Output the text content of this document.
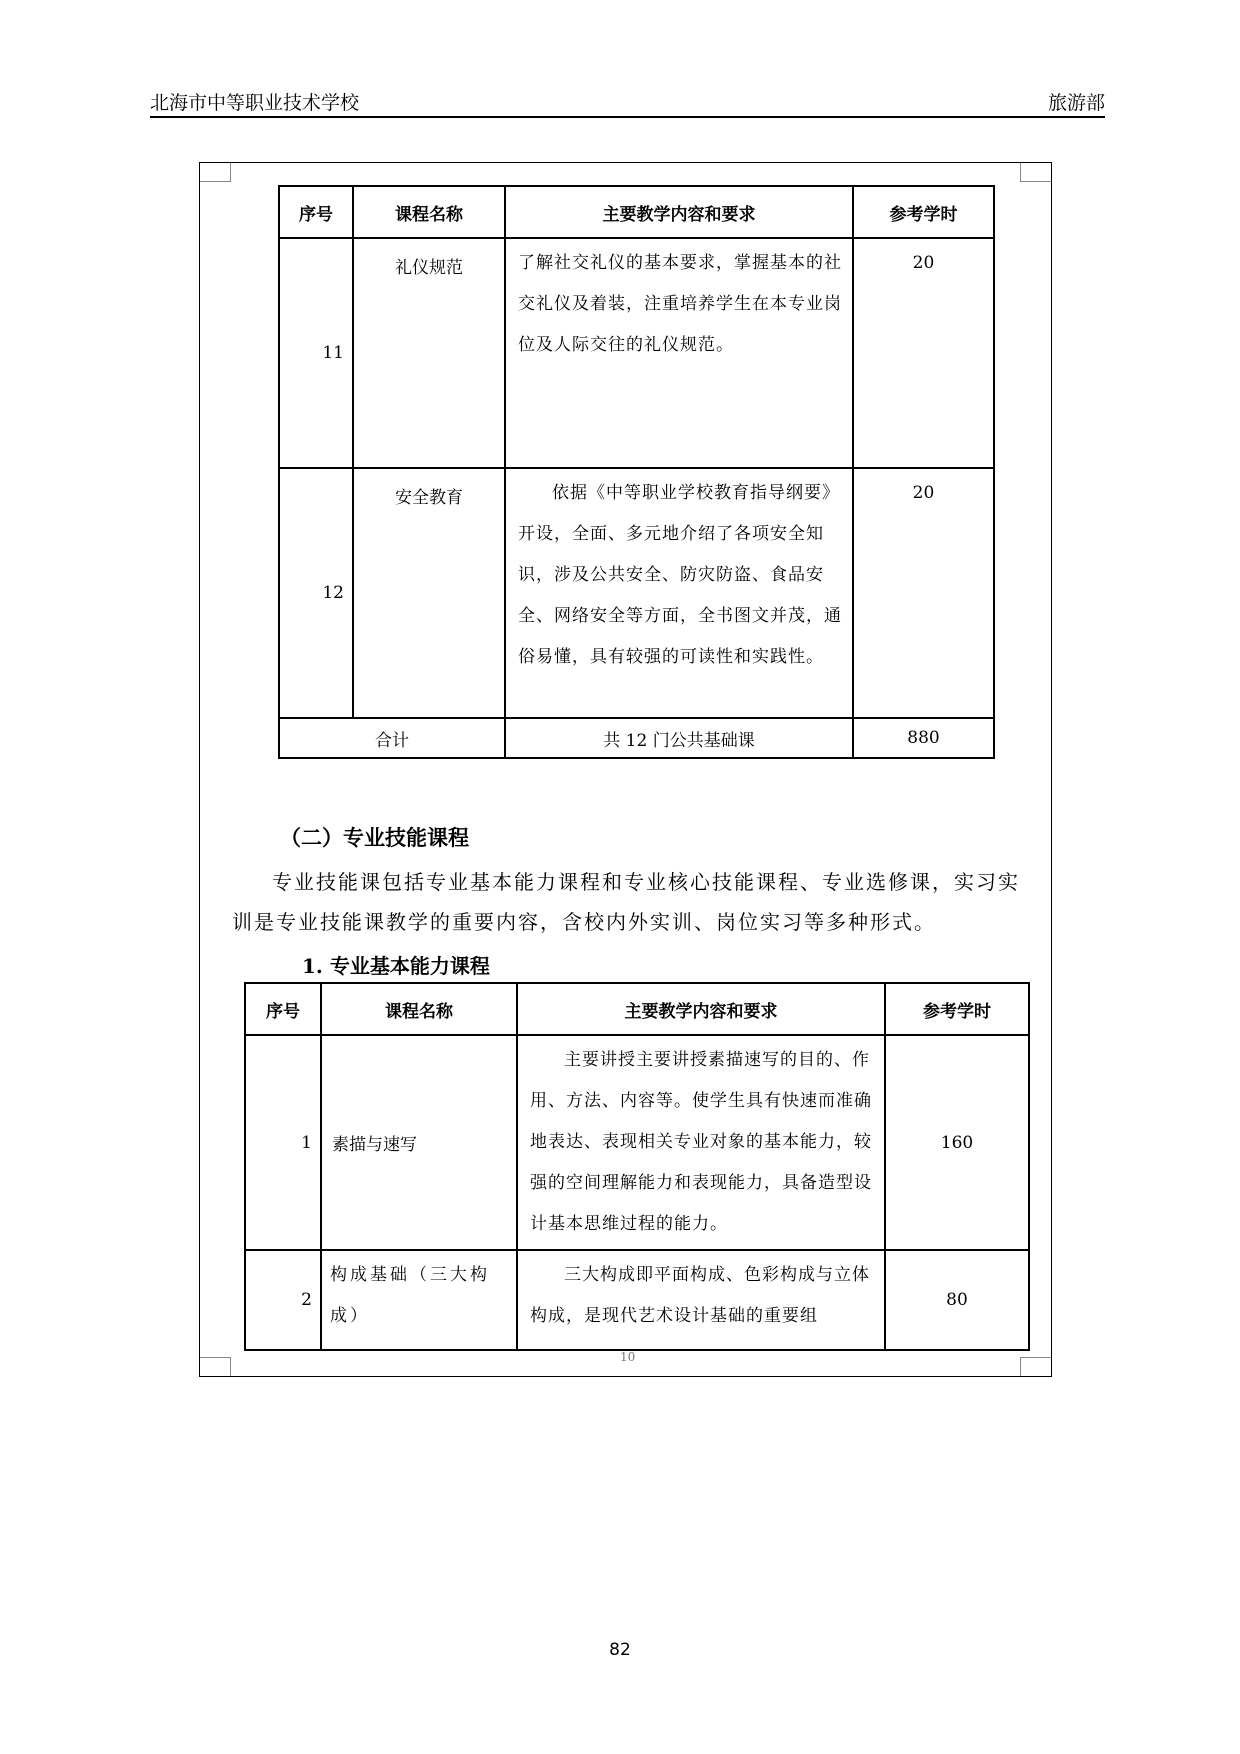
北海市中等职业技术学校	旅游部
序号	课程名称	主要教学内容和要求	参考学时
11	礼仪规范	了解社交礼仪的基本要求，掌握基本的社交礼仪及着装，注重培养学生在本专业岗位及人际交往的礼仪规范。	20
12	安全教育	依据《中等职业学校教育指导纲要》开设，全面、多元地介绍了各项安全知识，涉及公共安全、防灾防盗、食品安全、网络安全等方面，全书图文并茂，通俗易懂，具有较强的可读性和实践性。	20
合计		共 12 门公共基础课	880
（二）专业技能课程

专业技能课包括专业基本能力课程和专业核心技能课程、专业选修课，实习实训是专业技能课教学的重要内容，含校内外实训、岗位实习等多种形式。

1. 专业基本能力课程
序号	课程名称	主要教学内容和要求	参考学时
1	素描与速写	主要讲授主要讲授素描速写的目的、作用、方法、内容等。使学生具有快速而准确地表达、表现相关专业对象的基本能力，较强的空间理解能力和表现能力，具备造型设计基本思维过程的能力。	160
2	构成基础（三大构成）	三大构成即平面构成、色彩构成与立体构成，是现代艺术设计基础的重要组	80
10
82
